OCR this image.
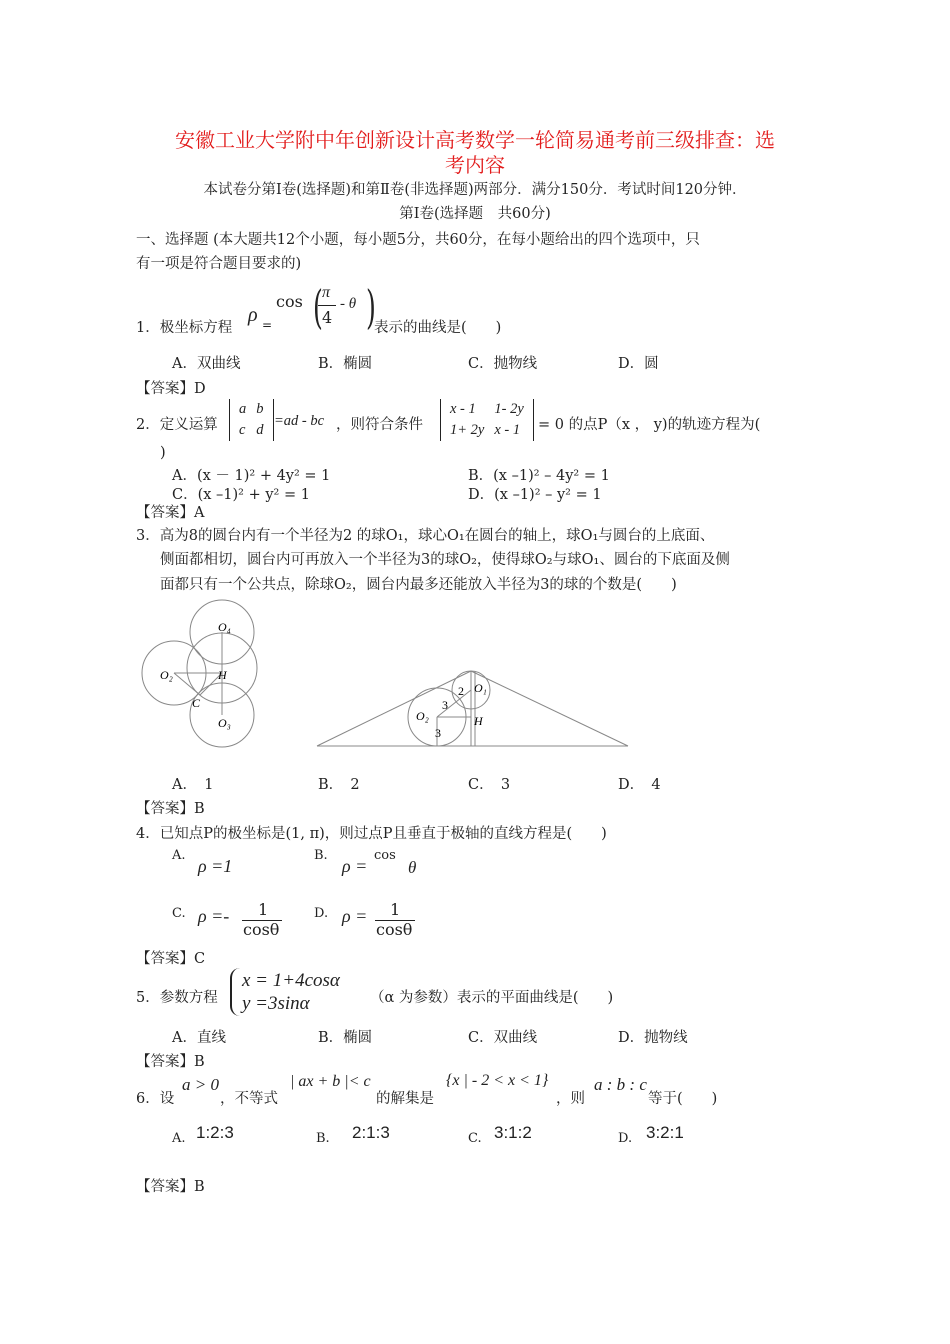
安徽工业大学附中年创新设计高考数学一轮简易通考前三级排查：选
考内容
本试卷分第Ⅰ卷(选择题)和第Ⅱ卷(非选择题)两部分．满分150分．考试时间120分钟．
第Ⅰ卷(选择题　共60分)
一、选择题 (本大题共12个小题，每小题5分，共60分，在每小题给出的四个选项中，只
有一项是符合题目要求的)
1．极坐标方程
ρ =
cos ( π
4
- θ )
表示的曲线是(　　)
A．双曲线	B．椭圆	C．抛物线	D．圆
【答案】D
2．定义运算
a	b
c	d
=ad - bc ，则符合条件
x - 1	1- 2y
1+ 2y	x - 1 = 0 的点P（x ， y)的轨迹方程为(
)
A．(x － 1)² + 4y² = 1	B．(x –1)² – 4y² = 1
C．(x –1)² + y² = 1	D．(x –1)² – y² = 1
【答案】A
3．高为8的圆台内有一个半径为2 的球O₁，球心O₁在圆台的轴上，球O₁与圆台的上底面、
侧面都相切，圆台内可再放入一个半径为3的球O₂，使得球O₂与球O₁、圆台的下底面及侧
面都只有一个公共点，除球O₂，圆台内最多还能放入半径为3的球的个数是(　　)
O₄
O₂	H
C
O₃
2 O₁
O₂
3
3
H
A．　1	B．　2	C．　3	D．　4
【答案】B
4．已知点P的极坐标是(1, π)，则过点P且垂直于极轴的直线方程是(　　)
A.
ρ =1
B.
ρ =
cos
θ
C. ρ =- 1
cosθ
D. ρ = 1
cosθ
【答案】C
5．参数方程
x = 1+4cosα
y =3sinα	（α 为参数）表示的平面曲线是(　　)
A．直线	B．椭圆	C．双曲线	D．抛物线
【答案】B
6．设
a > 0
，不等式
| ax + b |< c
的解集是
{x | - 2 < x < 1}
，则
a : b : c
等于(　　)
A. 1:2:3	B. 2:1:3	C. 3:1:2	D. 3:2:1
【答案】B
